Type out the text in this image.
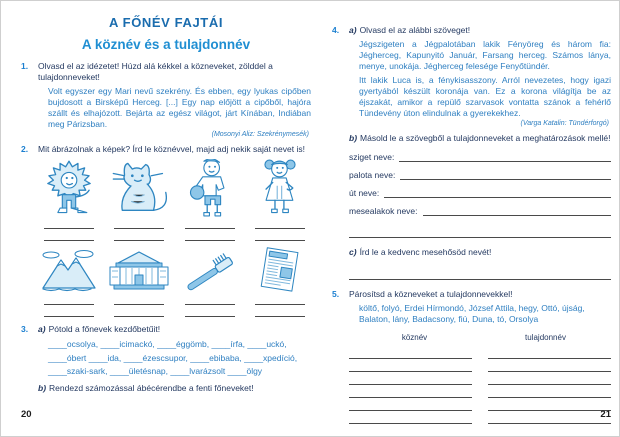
A FŐNÉV FAJTÁI
A köznév és a tulajdonnév
1.	Olvasd el az idézetet! Húzd alá kékkel a közneveket, zölddel a tulajdonneveket!

Volt egyszer egy Mari nevű szekrény. És ebben, egy lyukas cipőben bujdosott a Birsképű Herceg. [...] Egy nap előjött a cipőből, hajóra szállt és elhajózott. Bejárta az egész világot, járt Kínában, Indiában meg Párizsban.

(Mosonyi Aliz: Szekrénymesék)

2.	Mit ábrázolnak a képek? Írd le köznévvel, majd adj nekik saját nevet is!

3.	a) Pótold a főnevek kezdőbetűit!

____ocsolya, ____icimackó, ____éggömb, ____írfa, ____uckó,
____óbert ____ida, ____ézescsupor, ____ebibaba, ____xpedíció,
____szaki-sark, ____ületésnap, ____lvarázsolt ____ölgy

b) Rendezd számozással ábécérendbe a fenti főneveket!

20
4.	a) Olvasd el az alábbi szöveget!

Jégszigeten a Jégpalotában lakik Fényöreg és három fia: Jégherceg, Kapunyitó Január, Farsang herceg. Számos lánya, menye, unokája. Jégherceg felesége Fenyőtündér.

Itt lakik Luca is, a fénykisasszony. Arról nevezetes, hogy igazi gyertyából készült koronája van. Ez a korona világítja be az éjszakát, amikor a repülő szarvasok vontatta szánok a fehérlő Tündevény úton elindulnak a gyerekekhez.

(Varga Katalin: Tündérforgó)

b) Másold le a szövegből a tulajdonneveket a meghatározások mellé!

sziget neve:
palota neve:
út neve:
mesealakok neve:

c) Írd le a kedvenc mesehősöd nevét!

5.	Párosítsd a közneveket a tulajdonnevekkel!

költő, folyó, Erdei Hírmondó, József Attila, hegy, Ottó, újság, Balaton, lány, Badacsony, fiú, Duna, tó, Orsolya

köznév	tulajdonnév
21
